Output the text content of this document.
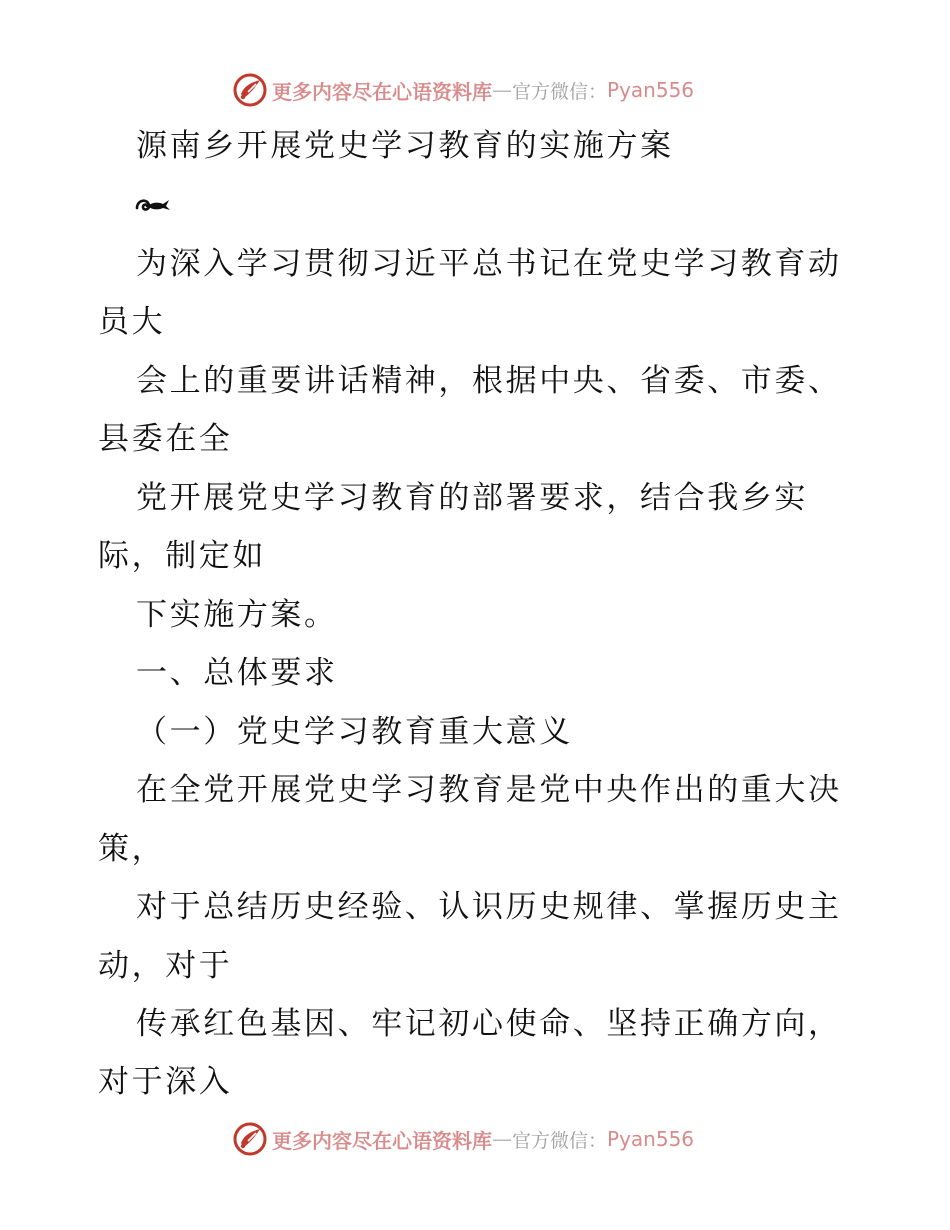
更多内容尽在心语资料库 — 官方微信： Pyan556
源南乡开展党史学习教育的实施方案
为深入学习贯彻习近平总书记在党史学习教育动
员大
会上的重要讲话精神，根据中央、省委、市委、
县委在全
党开展党史学习教育的部署要求，结合我乡实
际，制定如
下实施方案。
一、总体要求
（一）党史学习教育重大意义
在全党开展党史学习教育是党中央作出的重大决
策，
对于总结历史经验、认识历史规律、掌握历史主
动，对于
传承红色基因、牢记初心使命、坚持正确方向，
对于深入
更多内容尽在心语资料库 — 官方微信： Pyan556
